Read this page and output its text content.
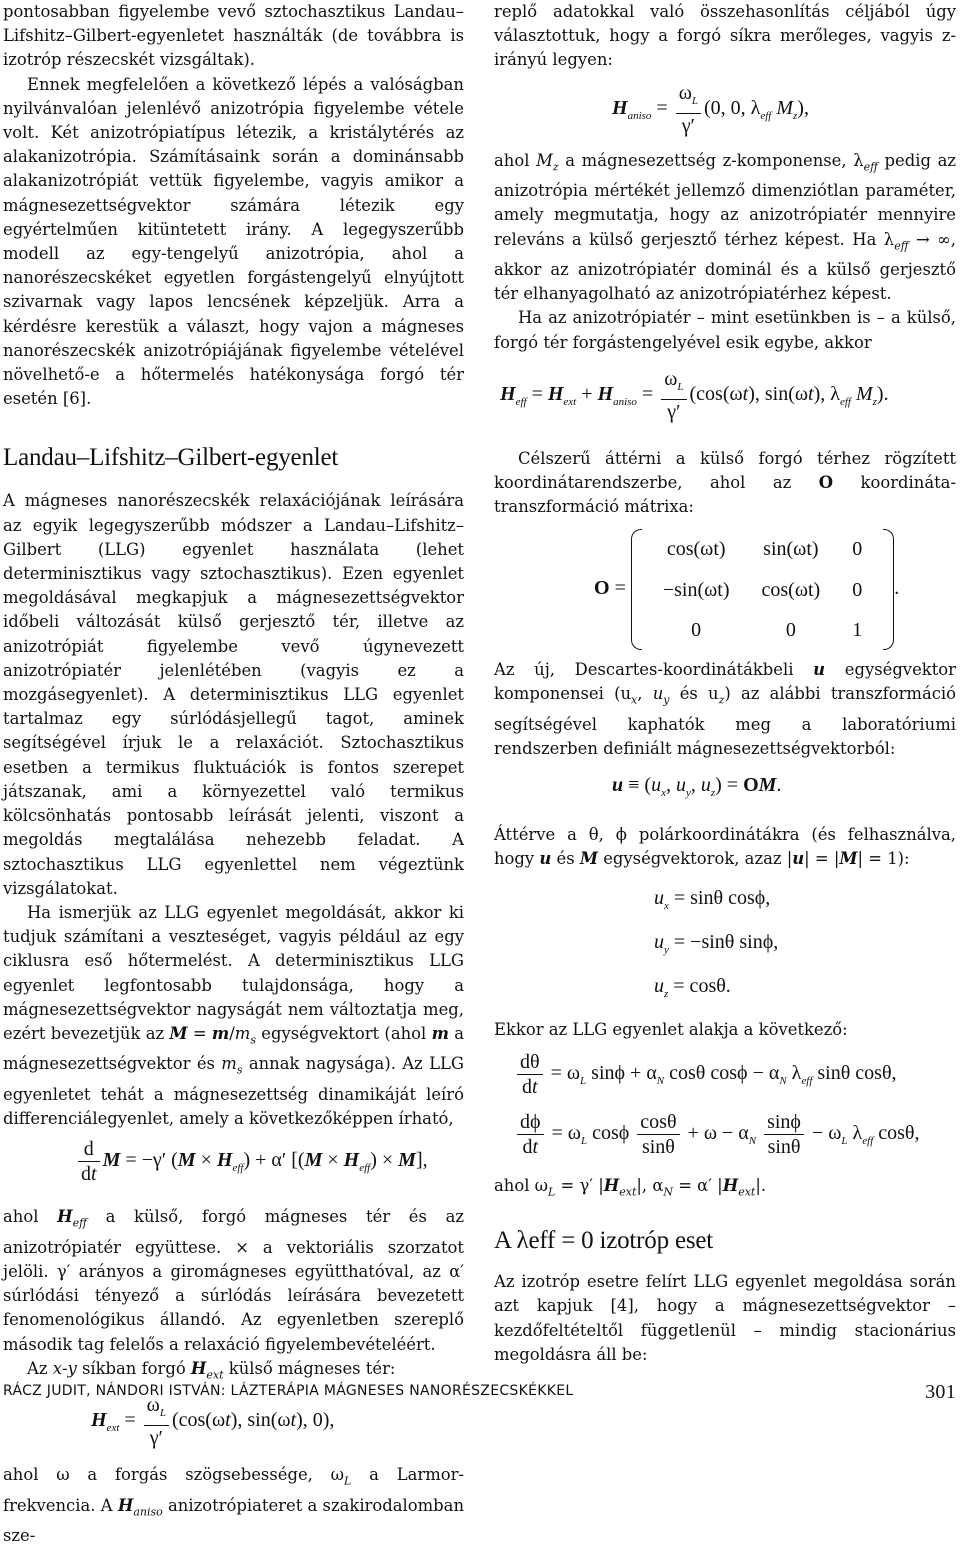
pontosabban figyelembe vevő sztochasztikus Landau–Lifshitz–Gilbert-egyenletet használták (de továbbra is izotróp részecskét vizsgáltak).

Ennek megfelelően a következő lépés a valóságban nyilvánvalóan jelenlévő anizotrópia figyelembe vétele volt. Két anizotrópiatípus létezik, a kristálytérés az alakanizotrópia. Számításaink során a dominánsabb alakanizotrópiát vettük figyelembe, vagyis amikor a mágnesezettségvektor számára létezik egy egyértelműen kitüntetett irány. A legegyszerűbb modell az egy-tengelyű anizotrópia, ahol a nanorészecskéket egyetlen forgástengelyű elnyújtott szivarnak vagy lapos lencsének képzeljük. Arra a kérdésre kerestük a választ, hogy vajon a mágneses nanorészecskék anizotrópiájának figyelembe vételével növelhető-e a hőtermelés hatékonysága forgó tér esetén [6].

Landau–Lifshitz–Gilbert-egyenlet

A mágneses nanorészecskék relaxációjának leírására az egyik legegyszerűbb módszer a Landau–Lifshitz–Gilbert (LLG) egyenlet használata (lehet determinisztikus vagy sztochasztikus). Ezen egyenlet megoldásával megkapjuk a mágnesezettségvektor időbeli változását külső gerjesztő tér, illetve az anizotrópiát figyelembe vevő úgynevezett anizotrópiatér jelenlétében (vagyis ez a mozgásegyenlet). A determinisztikus LLG egyenlet tartalmaz egy súrlódásjellegű tagot, aminek segítségével írjuk le a relaxációt. Sztochasztikus esetben a termikus fluktuációk is fontos szerepet játszanak, ami a környezettel való termikus kölcsönhatás pontosabb leírását jelenti, viszont a megoldás megtalálása nehezebb feladat. A sztochasztikus LLG egyenlettel nem végeztünk vizsgálatokat.

Ha ismerjük az LLG egyenlet megoldását, akkor ki tudjuk számítani a veszteséget, vagyis például az egy ciklusra eső hőtermelést. A determinisztikus LLG egyenlet legfontosabb tulajdonsága, hogy a mágnesezettségvektor nagyságát nem változtatja meg, ezért bevezetjük az $M = m/m_s$ egységvektort (ahol m a mágnesezettségvektor és $m_s$ annak nagysága). Az LLG egyenletet tehát a mágnesezettség dinamikáját leíró differenciálegyenlet, amely a következőképpen írható,

$\frac{d}{dt}$ M = −γ′ $(M \times H_{eff}) + \alpha'$ $[(M \times H_{eff}) \times M]$,

ahol $H_{eff}$ a külső, forgó mágneses tér és az anizotrópiatér együttese. × a vektoriális szorzatot jelöli. γ′ arányos a giromágneses együtthatóval, az α′ súrlódási tényező a súrlódás leírására bevezetett fenomenológikus állandó. Az egyenletben szereplő második tag felelős a relaxáció figyelembevételéért.

Az x-y síkban forgó $H_{ext}$ külső mágneses tér:

$H_{ext} = \frac{\omega_L}{\gamma'} (\cos(\omega t)$, sin(ωt), 0),

ahol ω a forgás szögsebessége, $\omega_L$ a Larmor-frekvencia. A $H_{aniso}$ anizotrópiateret a szakirodalomban sze-

replő adatokkal való összehasonlítás céljából úgy választottuk, hogy a forgó síkra merőleges, vagyis z-irányú legyen:

$H_{aniso} = \frac{\omega_L}{\gamma'} (0$, 0, $\lambda_{eff}$ $M_z$),

ahol $M_z$ a mágnesezettség z-komponense, $\lambda_{eff}$ pedig az anizotrópia mértékét jellemző dimenziótlan paraméter, amely megmutatja, hogy az anizotrópiatér mennyire releváns a külső gerjesztő térhez képest. Ha $\lambda_{eff}$ → ∞, akkor az anizotrópiatér dominál és a külső gerjesztő tér elhanyagolható az anizotrópiatérhez képest.

Ha az anizotrópiatér – mint esetünkben is – a külső, forgó tér forgástengelyével esik egybe, akkor

$H_{eff} = H_{ext} + H_{aniso} = \frac{\omega_L}{\gamma'} (\cos(\omega t)$, sin(ωt), $\lambda_{eff}$ $M_z$).

Célszerű áttérni a külső forgó térhez rögzített koordinátarendszerbe, ahol az O koordináta-transzformáció mátrixa:

O =
cos(ωt)	sin(ωt)	0
−sin(ωt)	cos(ωt)	0
0	0	1
.

Az új, Descartes-koordinátákbeli u egységvektor komponensei ($u_x$, $u_y$ és $u_z$) az alábbi transzformáció segítségével kaphatók meg a laboratóriumi rendszerben definiált mágnesezettségvektorból:

$u \equiv (u_x$, $u_y$, $u_z$) = OM.

Áttérve a θ, ϕ polárkoordinátákra (és felhasználva, hogy u és M egységvektorok, azaz |u| = |M| = 1):

$u_x = \sin\theta$ cosϕ,
$u_y = -\sin\theta$ sinϕ,
$u_z = \cos\theta$.

Ekkor az LLG egyenlet alakja a következő:

$\frac{d\theta}{dt} = \omega_L$ $\sin\phi + \alpha_N$ cosθ $\cos\phi - \alpha_N$ $\lambda_{eff}$ sinθ cosθ,
$\frac{d\phi}{dt} = \omega_L$ cosϕ $\frac{\cos\theta}{\sin\theta} + \omega - \alpha_N \frac{\sin\phi}{\sin\theta} - \omega_L$ $\lambda_{eff}$ cosθ,

ahol $\omega_L = \gamma'$ $|H_{ext}|$, $\alpha_N = \alpha'$ $|H_{ext}|$.

A λeff = 0 izotróp eset

Az izotróp esetre felírt LLG egyenlet megoldása során azt kapjuk [4], hogy a mágnesezettségvektor – kezdőfeltételtől függetlenül – mindig stacionárius megoldásra áll be:

RÁCZ JUDIT, NÁNDORI ISTVÁN: LÁZTERÁPIA MÁGNESES NANORÉSZECSKÉKKEL	301
